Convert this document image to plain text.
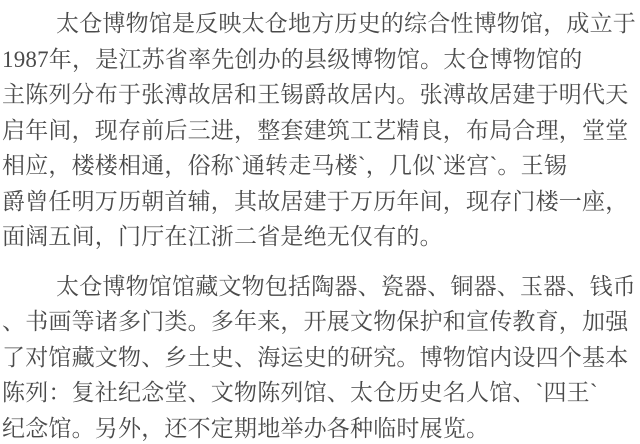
太仓博物馆是反映太仓地方历史的综合性博物馆，成立于
1987年，是江苏省率先创办的县级博物馆。太仓博物馆的
主陈列分布于张溥故居和王锡爵故居内。张溥故居建于明代天
启年间，现存前后三进，整套建筑工艺精良，布局合理，堂堂
相应，楼楼相通，俗称`通转走马楼`，几似`迷宫`。王锡
爵曾任明万历朝首辅，其故居建于万历年间，现存门楼一座，
面阔五间，门厅在江浙二省是绝无仅有的。
太仓博物馆馆藏文物包括陶器、瓷器、铜器、玉器、钱币
、书画等诸多门类。多年来，开展文物保护和宣传教育，加强
了对馆藏文物、乡土史、海运史的研究。博物馆内设四个基本
陈列：复社纪念堂、文物陈列馆、太仓历史名人馆、`四王`
纪念馆。另外，还不定期地举办各种临时展览。
